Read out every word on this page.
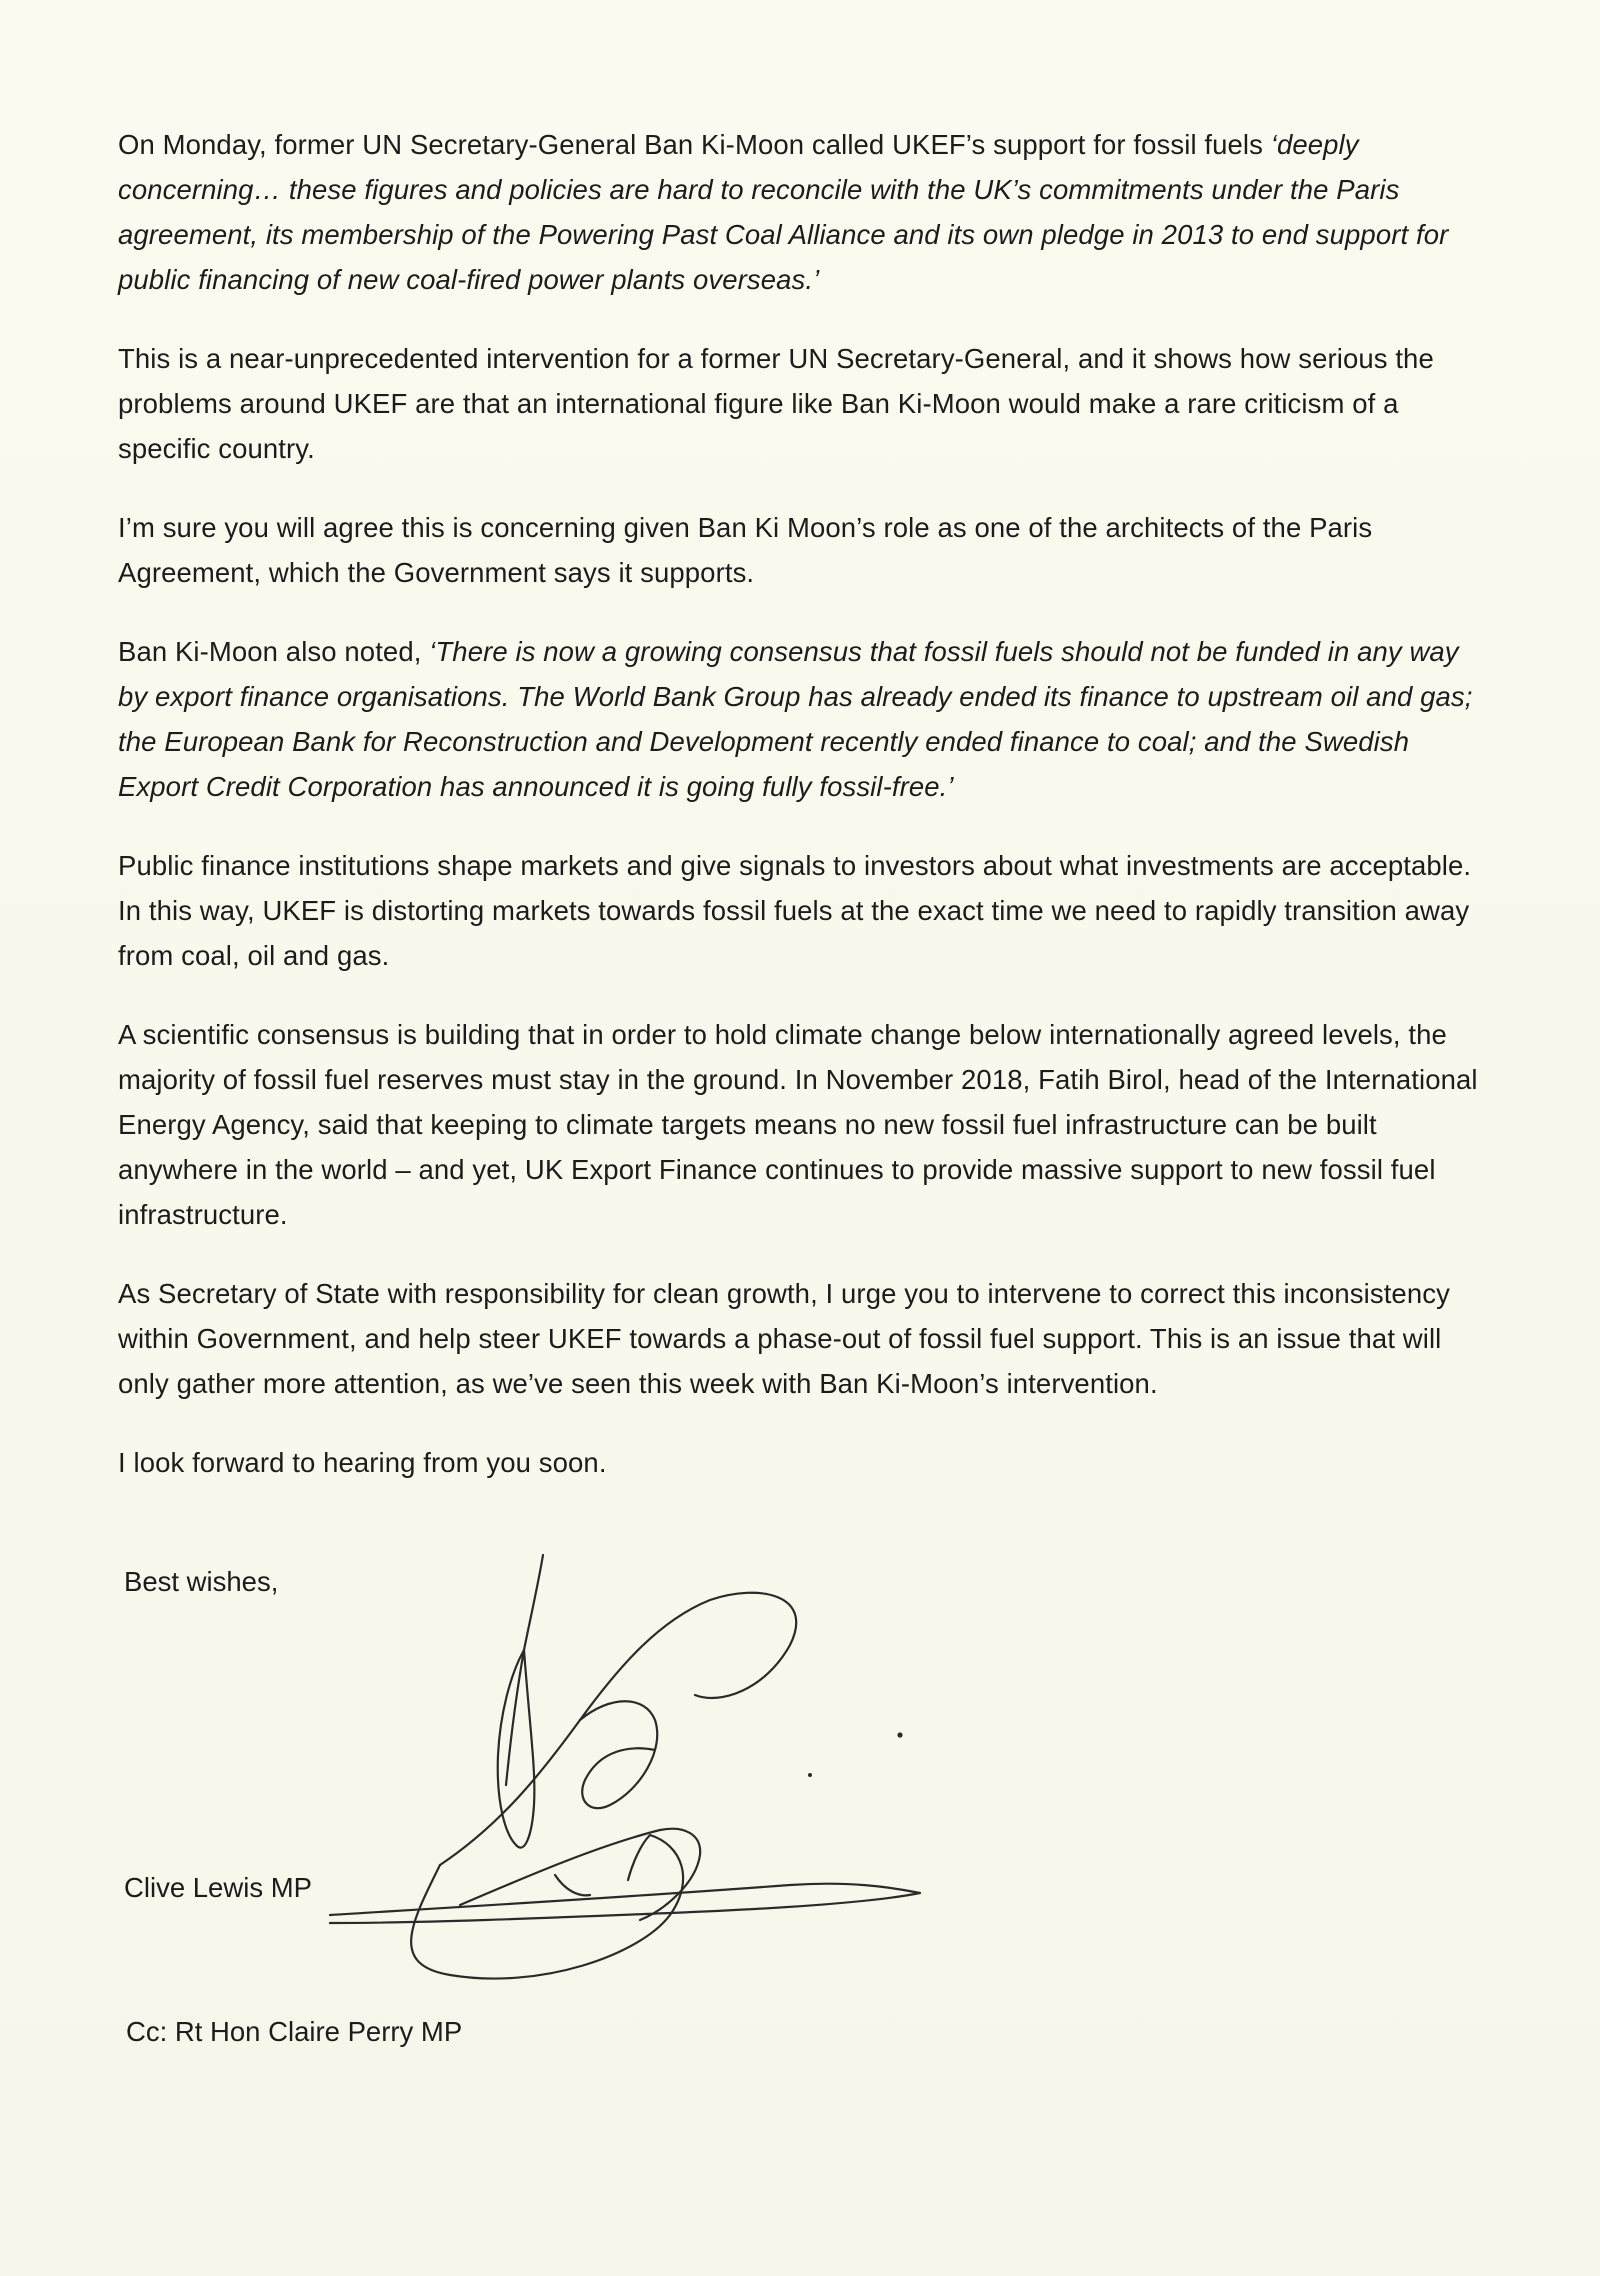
On Monday, former UN Secretary-General Ban Ki-Moon called UKEF’s support for fossil fuels ‘deeply concerning… these figures and policies are hard to reconcile with the UK’s commitments under the Paris agreement, its membership of the Powering Past Coal Alliance and its own pledge in 2013 to end support for public financing of new coal-fired power plants overseas.’

This is a near-unprecedented intervention for a former UN Secretary-General, and it shows how serious the problems around UKEF are that an international figure like Ban Ki-Moon would make a rare criticism of a specific country.

I’m sure you will agree this is concerning given Ban Ki Moon’s role as one of the architects of the Paris Agreement, which the Government says it supports.

Ban Ki-Moon also noted, ‘There is now a growing consensus that fossil fuels should not be funded in any way by export finance organisations. The World Bank Group has already ended its finance to upstream oil and gas; the European Bank for Reconstruction and Development recently ended finance to coal; and the Swedish Export Credit Corporation has announced it is going fully fossil-free.’

Public finance institutions shape markets and give signals to investors about what investments are acceptable. In this way, UKEF is distorting markets towards fossil fuels at the exact time we need to rapidly transition away from coal, oil and gas.

A scientific consensus is building that in order to hold climate change below internationally agreed levels, the majority of fossil fuel reserves must stay in the ground. In November 2018, Fatih Birol, head of the International Energy Agency, said that keeping to climate targets means no new fossil fuel infrastructure can be built anywhere in the world – and yet, UK Export Finance continues to provide massive support to new fossil fuel infrastructure.

As Secretary of State with responsibility for clean growth, I urge you to intervene to correct this inconsistency within Government, and help steer UKEF towards a phase-out of fossil fuel support. This is an issue that will only gather more attention, as we’ve seen this week with Ban Ki-Moon’s intervention.

I look forward to hearing from you soon.

Best wishes,

Clive Lewis MP

Cc: Rt Hon Claire Perry MP
